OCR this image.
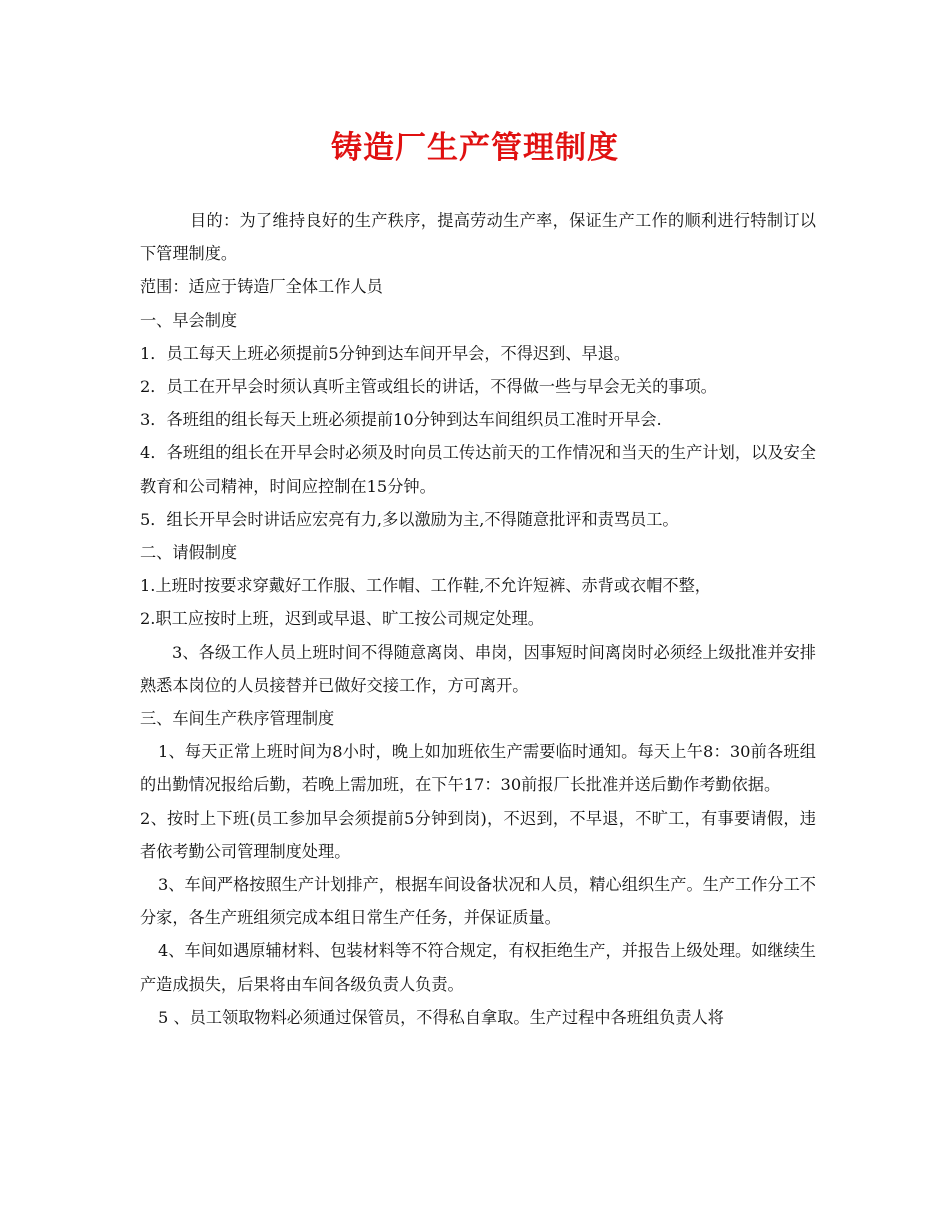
铸造厂生产管理制度

目的：为了维持良好的生产秩序，提高劳动生产率，保证生产工作的顺利进行特制订以下管理制度。

范围：适应于铸造厂全体工作人员

一、早会制度

1．员工每天上班必须提前5分钟到达车间开早会，不得迟到、早退。

2．员工在开早会时须认真听主管或组长的讲话，不得做一些与早会无关的事项。

3．各班组的组长每天上班必须提前10分钟到达车间组织员工准时开早会.

4．各班组的组长在开早会时必须及时向员工传达前天的工作情况和当天的生产计划，以及安全教育和公司精神，时间应控制在15分钟。

5．组长开早会时讲话应宏亮有力,多以激励为主,不得随意批评和责骂员工。

二、请假制度

1.上班时按要求穿戴好工作服、工作帽、工作鞋,不允许短裤、赤背或衣帽不整，

2.职工应按时上班，迟到或早退、旷工按公司规定处理。

3、各级工作人员上班时间不得随意离岗、串岗，因事短时间离岗时必须经上级批准并安排熟悉本岗位的人员接替并已做好交接工作，方可离开。

三、车间生产秩序管理制度

1、每天正常上班时间为8小时，晚上如加班依生产需要临时通知。每天上午8：30前各班组的出勤情况报给后勤，若晚上需加班，在下午17：30前报厂长批准并送后勤作考勤依据。

2、按时上下班(员工参加早会须提前5分钟到岗)，不迟到，不早退，不旷工，有事要请假，违者依考勤公司管理制度处理。

3、车间严格按照生产计划排产，根据车间设备状况和人员，精心组织生产。生产工作分工不分家，各生产班组须完成本组日常生产任务，并保证质量。

4、车间如遇原辅材料、包装材料等不符合规定，有权拒绝生产，并报告上级处理。如继续生产造成损失，后果将由车间各级负责人负责。

5 、员工领取物料必须通过保管员，不得私自拿取。生产过程中各班组负责人将
